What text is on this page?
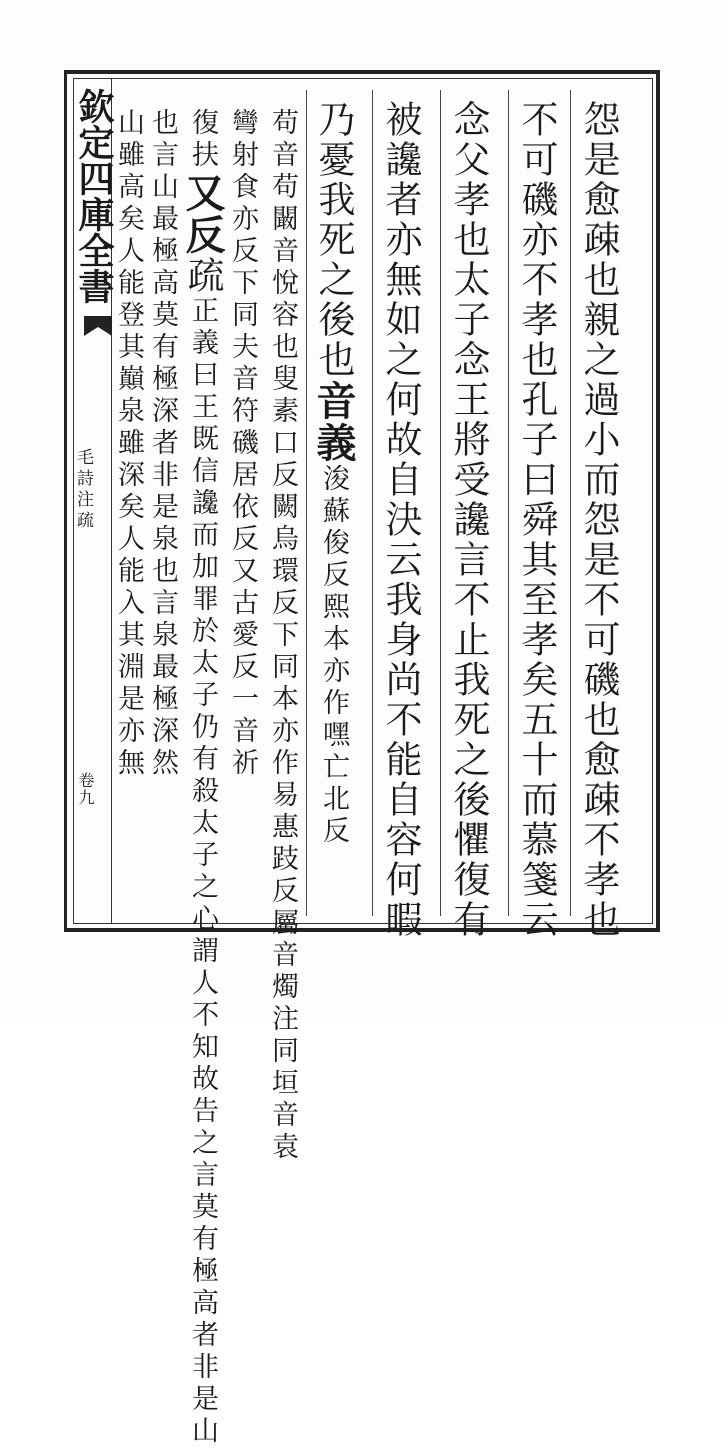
欽定四庫全書
毛詩注疏
卷九	怨是愈疎也親之過小而怨是不可磯也愈疎不孝也
不可磯亦不孝也孔子曰舜其至孝矣五十而慕箋云
念父孝也太子念王將受讒言不止我死之後懼復有
被讒者亦無如之何故自決云我身尚不能自容何暇
乃憂我死之後也音義浚蘇俊反熙本亦作嘿亡北反
苟音苟闞音悅容也叟素口反闕烏環反下同本亦作易惠跂反屬音燭注同垣音袁
彎射食亦反下同夫音符磯居依反又古愛反一音祈
復扶又反疏正義曰王既信讒而加罪於太子仍有殺太子之心謂人不知故告之言莫有極高者非是山
也言山最極高莫有極深者非是泉也言泉最極深然
山雖高矣人能登其巔泉雖深矣人能入其淵是亦無
